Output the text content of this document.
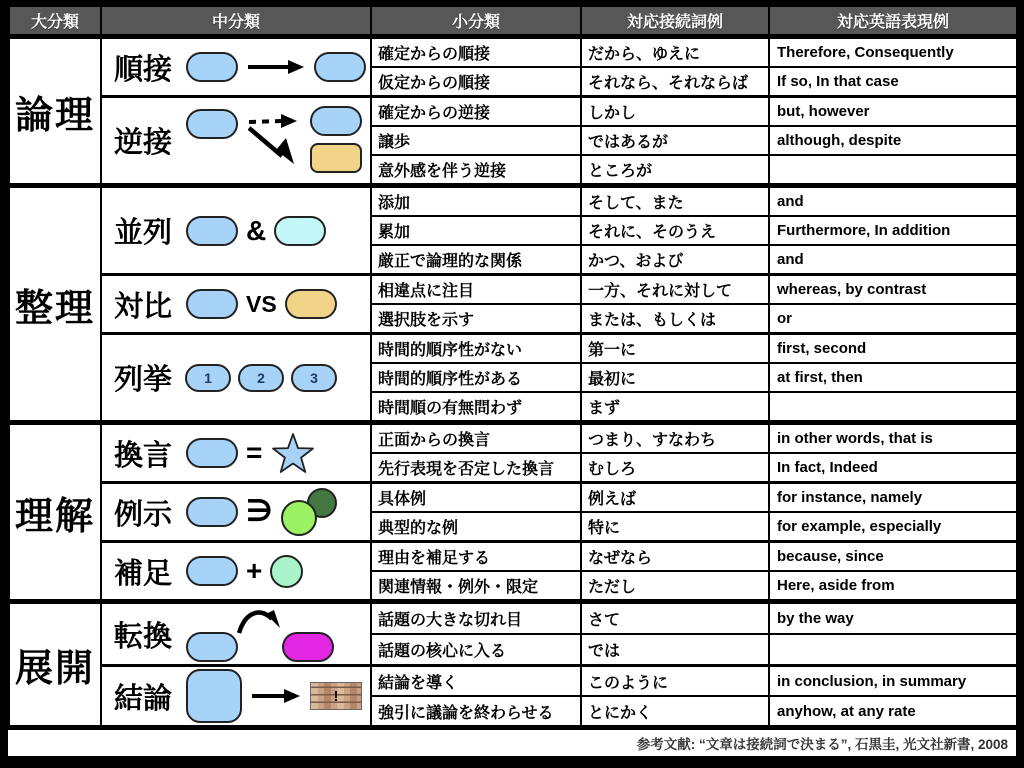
大分類	中分類	小分類	対応接続詞例	対応英語表現例
論理	順接	確定からの順接	だから、ゆえに	Therefore, Consequently
		仮定からの順接	それなら、それならば	If so, In that case

	逆接	確定からの逆接	しかし	but, however
		譲歩	ではあるが	although, despite
		意外感を伴う逆接	ところが	
整理	並列 &	添加	そして、また	and
		累加	それに、そのうえ	Furthermore, In addition
		厳正で論理的な関係	かつ、および	and

	対比 VS	相違点に注目	一方、それに対して	whereas, by contrast
		選択肢を示す	または、もしくは	or

	列挙 1 2 3	時間的順序性がない	第一に	first, second
		時間的順序性がある	最初に	at first, then
		時間順の有無問わず	まず	
理解	換言 =	正面からの換言	つまり、すなわち	in other words, that is
		先行表現を否定した換言	むしろ	In fact, Indeed

	例示 ∋	具体例	例えば	for instance, namely
		典型的な例	特に	for example, especially

	補足 +	理由を補足する	なぜなら	because, since
		関連情報・例外・限定	ただし	Here, aside from
展開	転換	話題の大きな切れ目	さて	by the way
		話題の核心に入る	では	

	結論 !	結論を導く	このように	in conclusion, in summary
		強引に議論を終わらせる	とにかく	anyhow, at any rate
参考文献: “文章は接続詞で決まる”, 石黒圭, 光文社新書, 2008
